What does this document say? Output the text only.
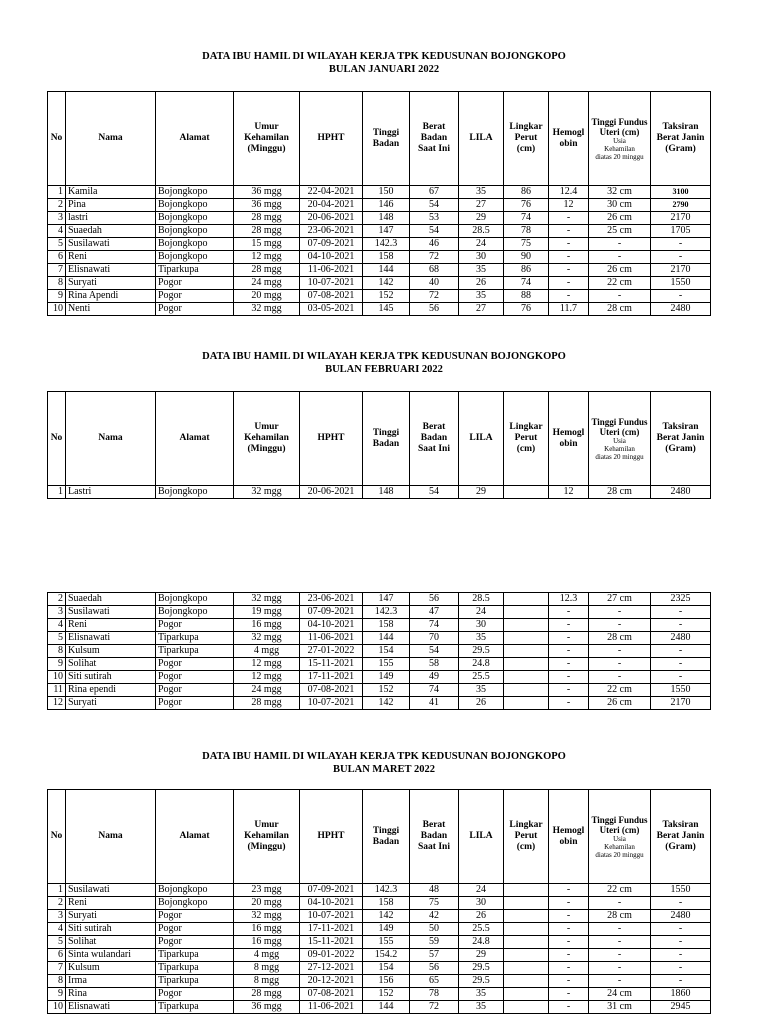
DATA IBU HAMIL DI WILAYAH KERJA TPK KEDUSUNAN BOJONGKOPO
BULAN JANUARI 2022
No	Nama	Alamat	Umur Kehamilan (Minggu)	HPHT	Tinggi Badan	Berat Badan Saat Ini	LILA	Lingkar Perut (cm)	Hemogl obin	Tinggi Fundus Uteri (cm)
Usia
Kehamilan
diatas 20 minggu	Taksiran Berat Janin (Gram)
1	Kamila	Bojongkopo	36 mgg	22-04-2021	150	67	35	86	12.4	32 cm	3100
2	Pina	Bojongkopo	36 mgg	20-04-2021	146	54	27	76	12	30 cm	2790
3	lastri	Bojongkopo	28 mgg	20-06-2021	148	53	29	74	-	26 cm	2170
4	Suaedah	Bojongkopo	28 mgg	23-06-2021	147	54	28.5	78	-	25 cm	1705
5	Susilawati	Bojongkopo	15 mgg	07-09-2021	142.3	46	24	75	-	-	-
6	Reni	Bojongkopo	12 mgg	04-10-2021	158	72	30	90	-	-	-
7	Elisnawati	Tiparkupa	28 mgg	11-06-2021	144	68	35	86	-	26 cm	2170
8	Suryati	Pogor	24 mgg	10-07-2021	142	40	26	74	-	22 cm	1550
9	Rina Apendi	Pogor	20 mgg	07-08-2021	152	72	35	88	-	-	-
10	Nenti	Pogor	32 mgg	03-05-2021	145	56	27	76	11.7	28 cm	2480
DATA IBU HAMIL DI WILAYAH KERJA TPK KEDUSUNAN BOJONGKOPO
BULAN FEBRUARI 2022
No	Nama	Alamat	Umur Kehamilan (Minggu)	HPHT	Tinggi Badan	Berat Badan Saat Ini	LILA	Lingkar Perut (cm)	Hemogl obin	Tinggi Fundus Uteri (cm)
Usia
Kehamilan
diatas 20 minggu	Taksiran Berat Janin (Gram)
1	Lastri	Bojongkopo	32 mgg	20-06-2021	148	54	29		12	28 cm	2480
2	Suaedah	Bojongkopo	32 mgg	23-06-2021	147	56	28.5		12.3	27 cm	2325
3	Susilawati	Bojongkopo	19 mgg	07-09-2021	142.3	47	24		-	-	-
4	Reni	Pogor	16 mgg	04-10-2021	158	74	30		-	-	-
5	Elisnawati	Tiparkupa	32 mgg	11-06-2021	144	70	35		-	28 cm	2480
8	Kulsum	Tiparkupa	4 mgg	27-01-2022	154	54	29.5		-	-	-
9	Solihat	Pogor	12 mgg	15-11-2021	155	58	24.8		-	-	-
10	Siti sutirah	Pogor	12 mgg	17-11-2021	149	49	25.5		-	-	-
11	Rina ependi	Pogor	24 mgg	07-08-2021	152	74	35		-	22 cm	1550
12	Suryati	Pogor	28 mgg	10-07-2021	142	41	26		-	26 cm	2170
DATA IBU HAMIL DI WILAYAH KERJA TPK KEDUSUNAN BOJONGKOPO
BULAN MARET 2022
No	Nama	Alamat	Umur Kehamilan (Minggu)	HPHT	Tinggi Badan	Berat Badan Saat Ini	LILA	Lingkar Perut (cm)	Hemogl obin	Tinggi Fundus Uteri (cm)
Usia
Kehamilan
diatas 20 minggu	Taksiran Berat Janin (Gram)
1	Susilawati	Bojongkopo	23 mgg	07-09-2021	142.3	48	24		-	22 cm	1550
2	Reni	Bojongkopo	20 mgg	04-10-2021	158	75	30		-	-	-
3	Suryati	Pogor	32 mgg	10-07-2021	142	42	26		-	28 cm	2480
4	Siti sutirah	Pogor	16 mgg	17-11-2021	149	50	25.5		-	-	-
5	Solihat	Pogor	16 mgg	15-11-2021	155	59	24.8		-	-	-
6	Sinta wulandari	Tiparkupa	4 mgg	09-01-2022	154.2	57	29		-	-	-
7	Kulsum	Tiparkupa	8 mgg	27-12-2021	154	56	29.5		-	-	-
8	Irma	Tiparkupa	8 mgg	20-12-2021	156	65	29.5		-	-	-
9	Rina	Pogor	28 mgg	07-08-2021	152	78	35		-	24 cm	1860
10	Elisnawati	Tiparkupa	36 mgg	11-06-2021	144	72	35		-	31 cm	2945
